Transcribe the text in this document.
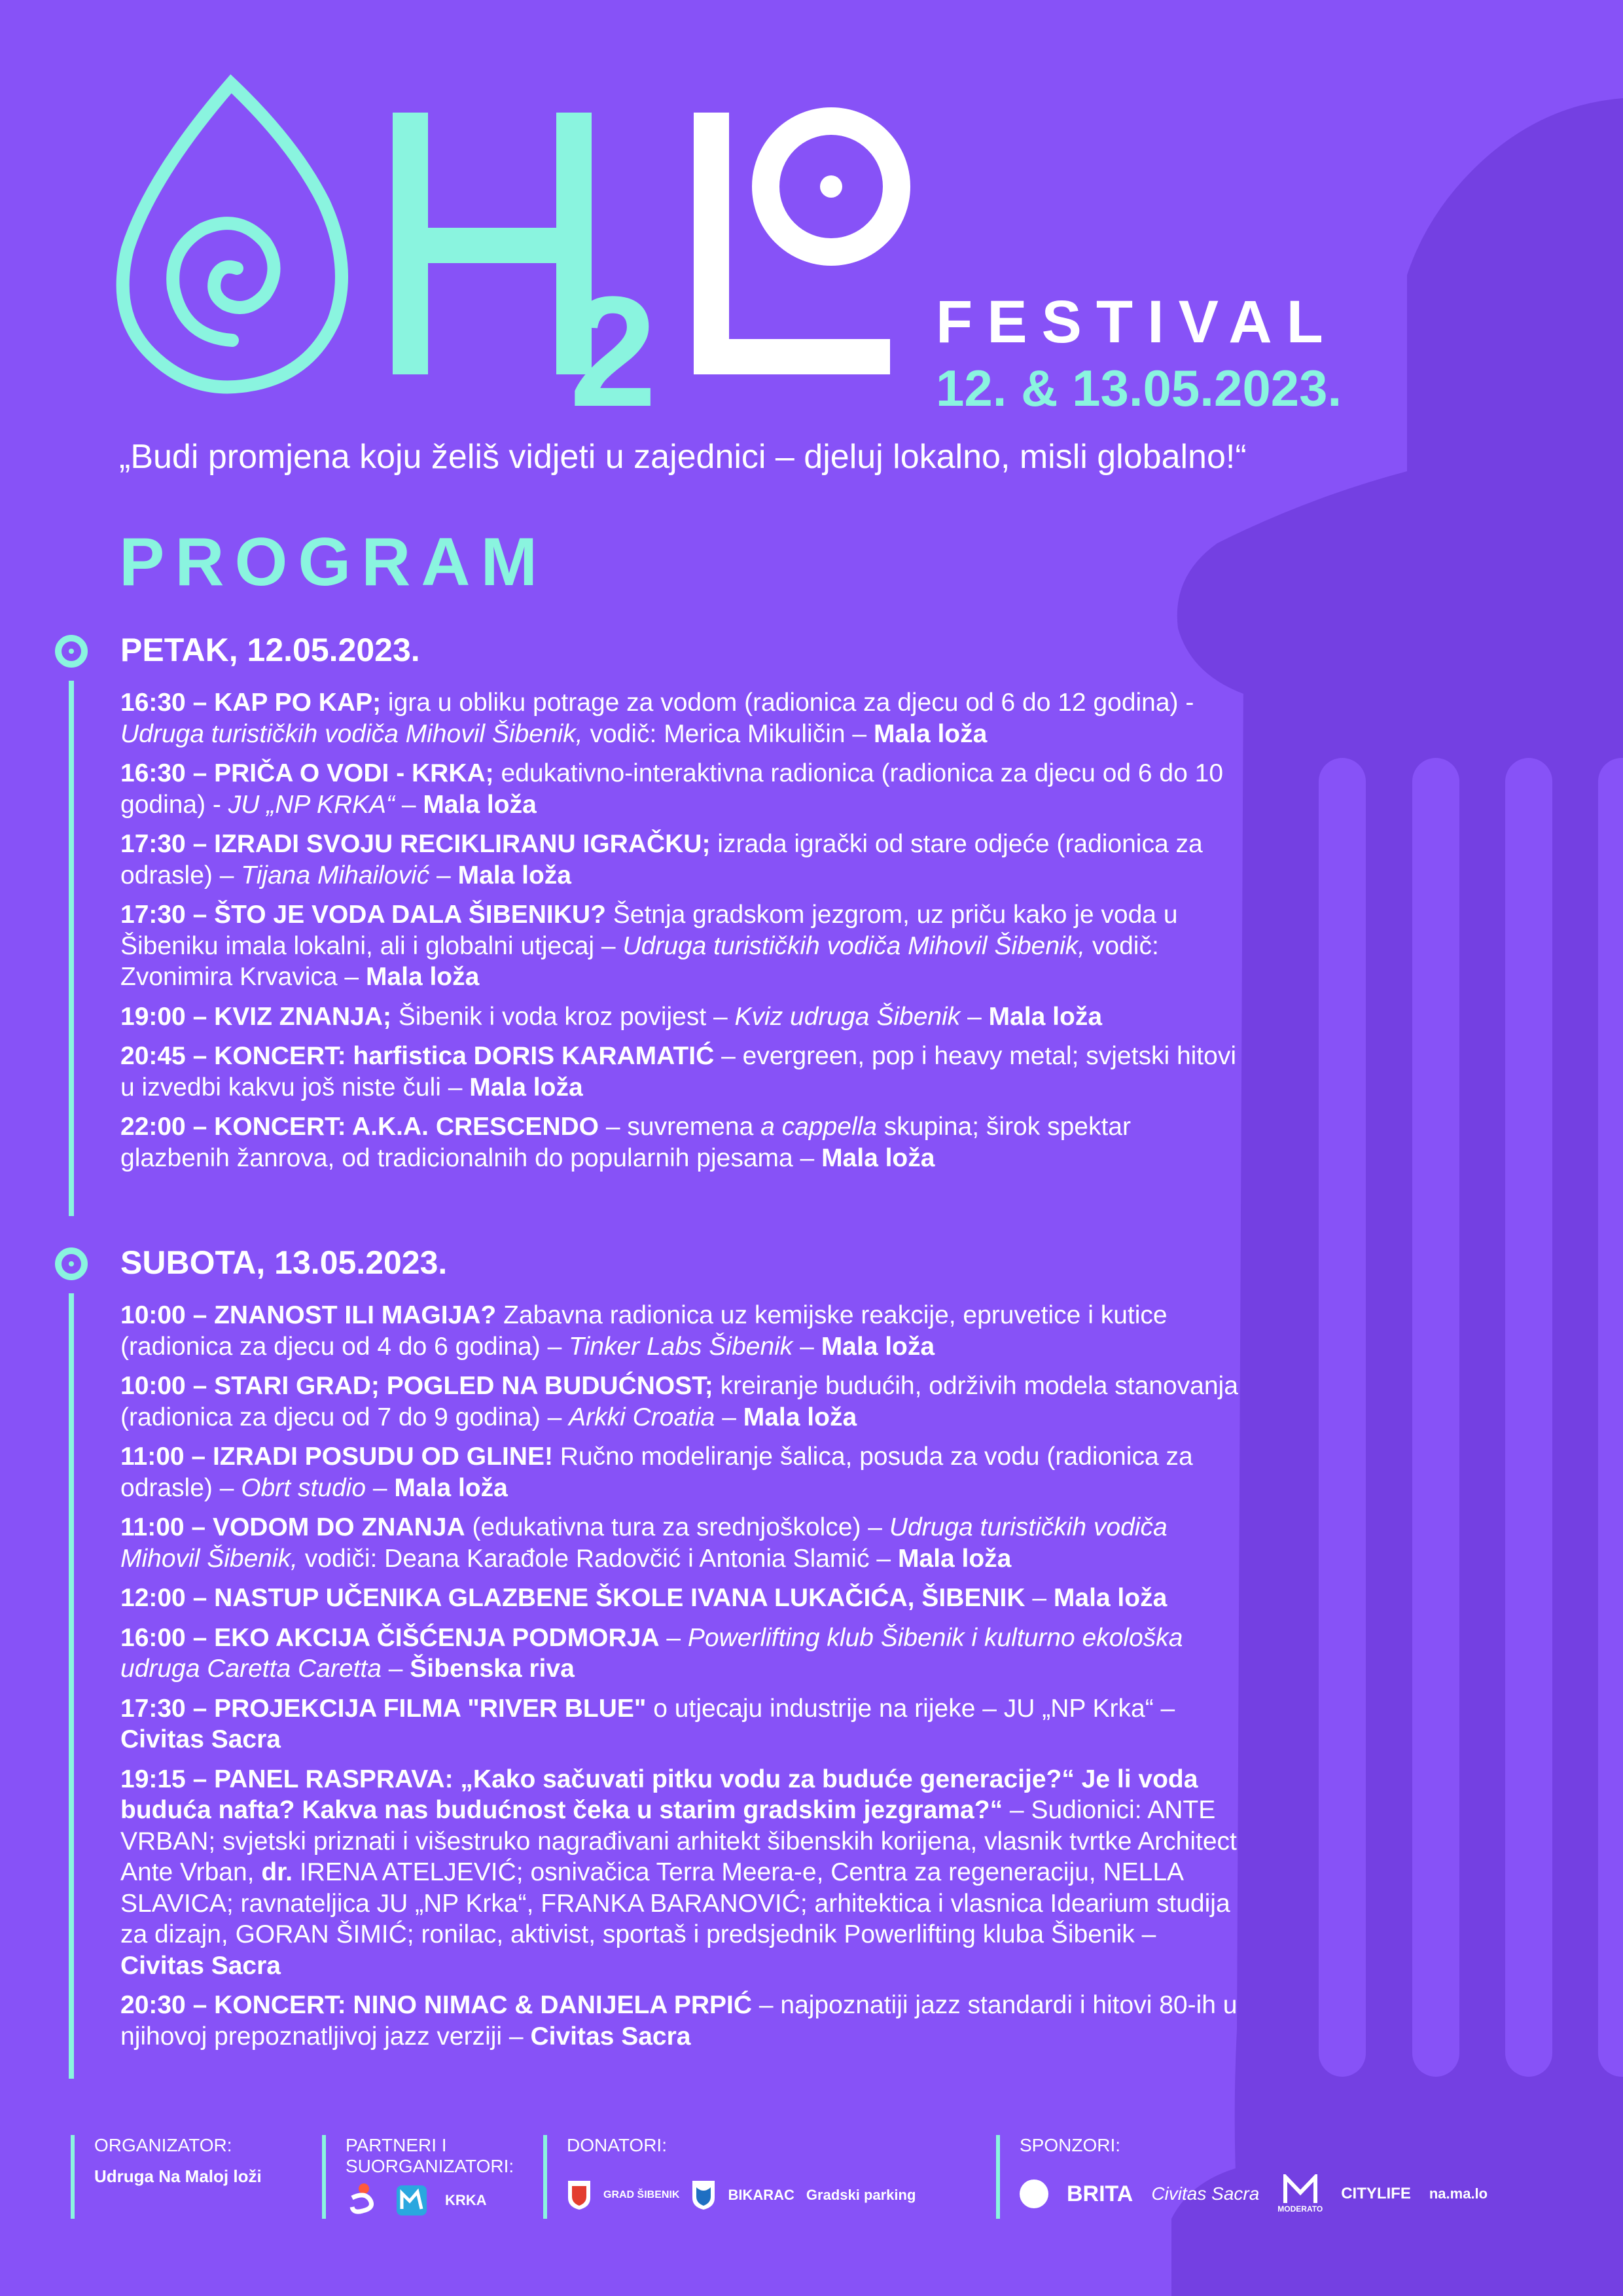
2	FESTIVAL
12. & 13.05.2023.
„Budi promjena koju želiš vidjeti u zajednici – djeluj lokalno, misli globalno!“
PROGRAM
PETAK, 12.05.2023.
16:30 – KAP PO KAP; igra u obliku potrage za vodom (radionica za djecu od 6 do 12 godina) - Udruga turističkih vodiča Mihovil Šibenik, vodič: Merica Mikuličin – Mala loža
16:30 – PRIČA O VODI - KRKA; edukativno-interaktivna radionica (radionica za djecu od 6 do 10 godina) - JU „NP KRKA“ – Mala loža
17:30 – IZRADI SVOJU RECIKLIRANU IGRAČKU; izrada igrački od stare odjeće (radionica za odrasle) – Tijana Mihailović – Mala loža
17:30 – ŠTO JE VODA DALA ŠIBENIKU? Šetnja gradskom jezgrom, uz priču kako je voda u Šibeniku imala lokalni, ali i globalni utjecaj – Udruga turističkih vodiča Mihovil Šibenik, vodič: Zvonimira Krvavica – Mala loža
19:00 – KVIZ ZNANJA; Šibenik i voda kroz povijest – Kviz udruga Šibenik – Mala loža
20:45 – KONCERT: harfistica DORIS KARAMATIĆ – evergreen, pop i heavy metal; svjetski hitovi u izvedbi kakvu još niste čuli – Mala loža
22:00 – KONCERT: A.K.A. CRESCENDO – suvremena a cappella skupina; širok spektar glazbenih žanrova, od tradicionalnih do popularnih pjesama – Mala loža
SUBOTA, 13.05.2023.
10:00 – ZNANOST ILI MAGIJA? Zabavna radionica uz kemijske reakcije, epruvetice i kutice (radionica za djecu od 4 do 6 godina) – Tinker Labs Šibenik – Mala loža
10:00 – STARI GRAD; POGLED NA BUDUĆNOST; kreiranje budućih, održivih modela stanovanja (radionica za djecu od 7 do 9 godina) – Arkki Croatia – Mala loža
11:00 – IZRADI POSUDU OD GLINE! Ručno modeliranje šalica, posuda za vodu (radionica za odrasle) – Obrt studio – Mala loža
11:00 – VODOM DO ZNANJA (edukativna tura za srednjoškolce) – Udruga turističkih vodiča Mihovil Šibenik, vodiči: Deana Karađole Radovčić i Antonia Slamić – Mala loža
12:00 – NASTUP UČENIKA GLAZBENE ŠKOLE IVANA LUKAČIĆA, ŠIBENIK – Mala loža
16:00 – EKO AKCIJA ČIŠĆENJA PODMORJA – Powerlifting klub Šibenik i kulturno ekološka udruga Caretta Caretta – Šibenska riva
17:30 – PROJEKCIJA FILMA "RIVER BLUE" o utjecaju industrije na rijeke – JU „NP Krka“ – Civitas Sacra
19:15 – PANEL RASPRAVA: „Kako sačuvati pitku vodu za buduće generacije?“ Je li voda buduća nafta? Kakva nas budućnost čeka u starim gradskim jezgrama?“ – Sudionici: ANTE VRBAN; svjetski priznati i višestruko nagrađivani arhitekt šibenskih korijena, vlasnik tvrtke Architect Ante Vrban, dr. IRENA ATELJEVIĆ; osnivačica Terra Meera-e, Centra za regeneraciju, NELLA SLAVICA; ravnateljica JU „NP Krka“, FRANKA BARANOVIĆ; arhitektica i vlasnica Idearium studija za dizajn, GORAN ŠIMIĆ; ronilac, aktivist, sportaš i predsjednik Powerlifting kluba Šibenik – Civitas Sacra
20:30 – KONCERT: NINO NIMAC & DANIJELA PRPIĆ – najpoznatiji jazz standardi i hitovi 80-ih u njihovoj prepoznatljivoj jazz verziji – Civitas Sacra
ORGANIZATOR:
Udruga Na Maloj loži
PARTNERI I
SUORGANIZATORI:
KRKA
DONATORI:
GRAD ŠIBENIK	BIKARAC Gradski parking
SPONZORI:
BRITA Civitas Sacra
MODERATO
CITYLIFE na.ma.lo
